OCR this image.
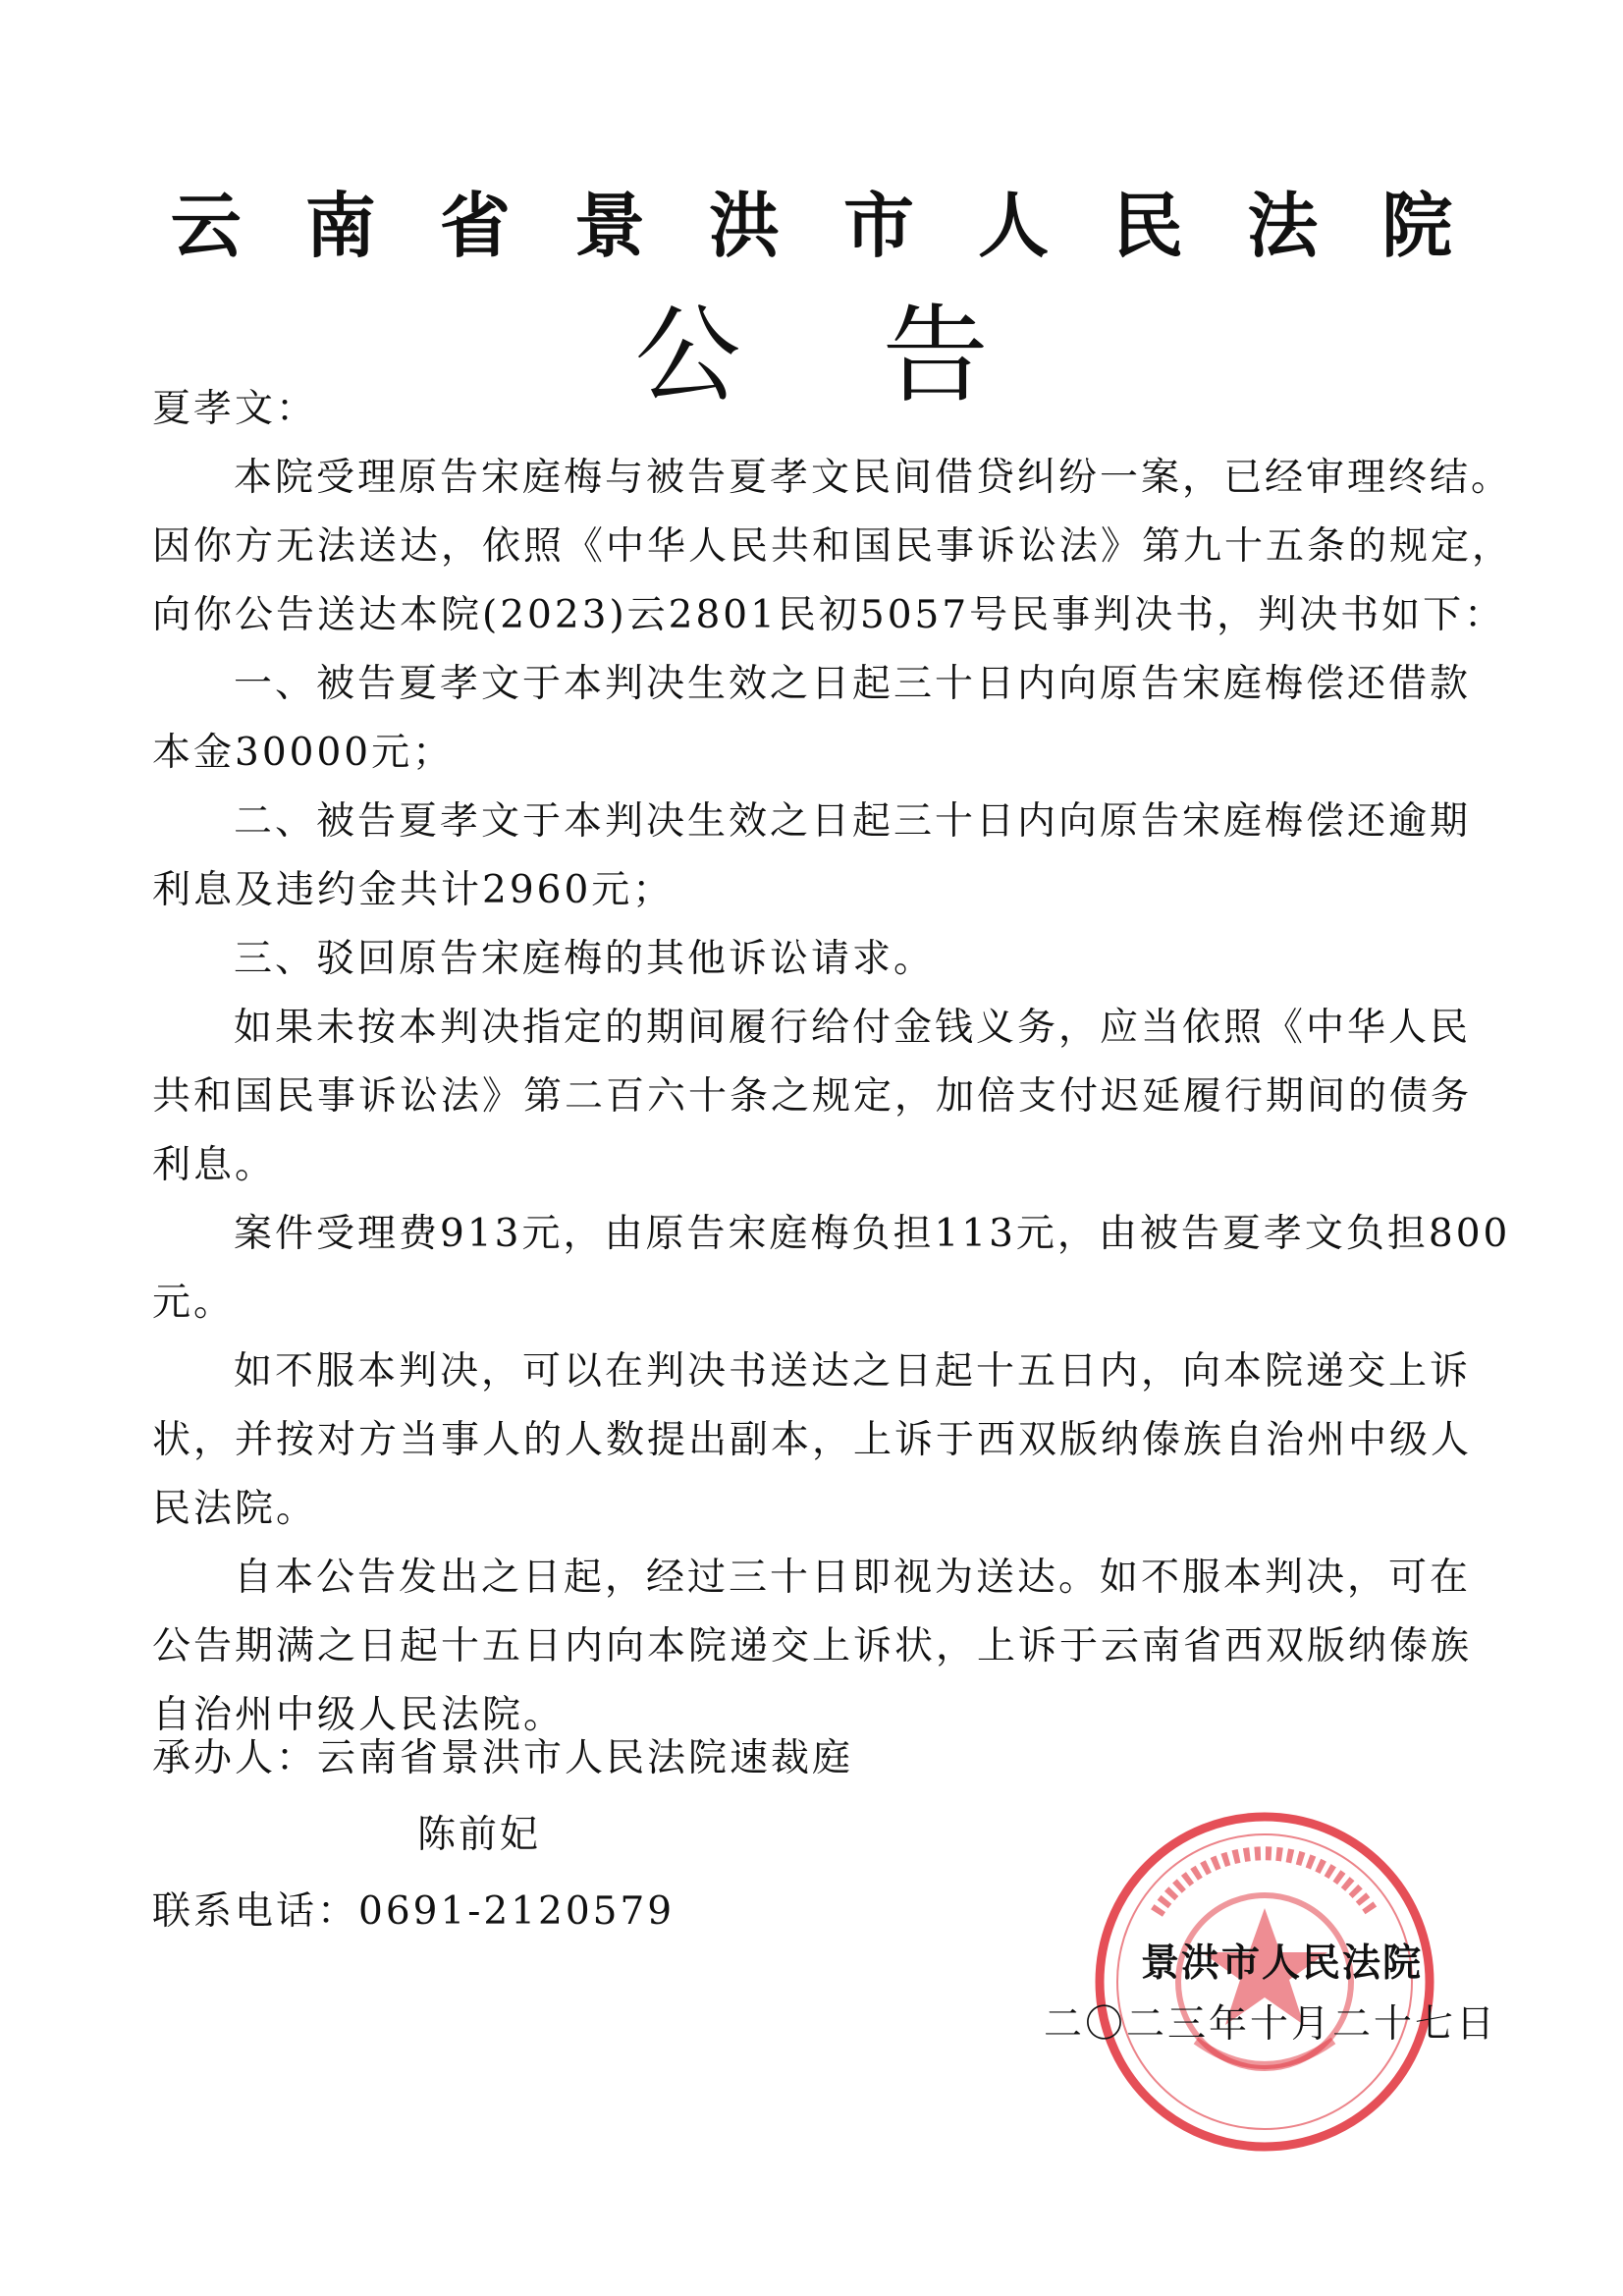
云 南 省 景 洪 市 人 民 法 院
公 告
夏孝文：
本院受理原告宋庭梅与被告夏孝文民间借贷纠纷一案，已经审理终结。
因你方无法送达，依照《中华人民共和国民事诉讼法》第九十五条的规定，
向你公告送达本院(2023)云2801民初5057号民事判决书，判决书如下：
一、被告夏孝文于本判决生效之日起三十日内向原告宋庭梅偿还借款
本金30000元；
二、被告夏孝文于本判决生效之日起三十日内向原告宋庭梅偿还逾期
利息及违约金共计2960元；
三、驳回原告宋庭梅的其他诉讼请求。
如果未按本判决指定的期间履行给付金钱义务，应当依照《中华人民
共和国民事诉讼法》第二百六十条之规定，加倍支付迟延履行期间的债务
利息。
案件受理费913元，由原告宋庭梅负担113元，由被告夏孝文负担800
元。
如不服本判决，可以在判决书送达之日起十五日内，向本院递交上诉
状，并按对方当事人的人数提出副本，上诉于西双版纳傣族自治州中级人
民法院。
自本公告发出之日起，经过三十日即视为送达。如不服本判决，可在
公告期满之日起十五日内向本院递交上诉状，上诉于云南省西双版纳傣族
自治州中级人民法院。
承办人：云南省景洪市人民法院速裁庭
陈前妃
联系电话：0691-2120579
景洪市人民法院
二〇二三年十月二十七日
